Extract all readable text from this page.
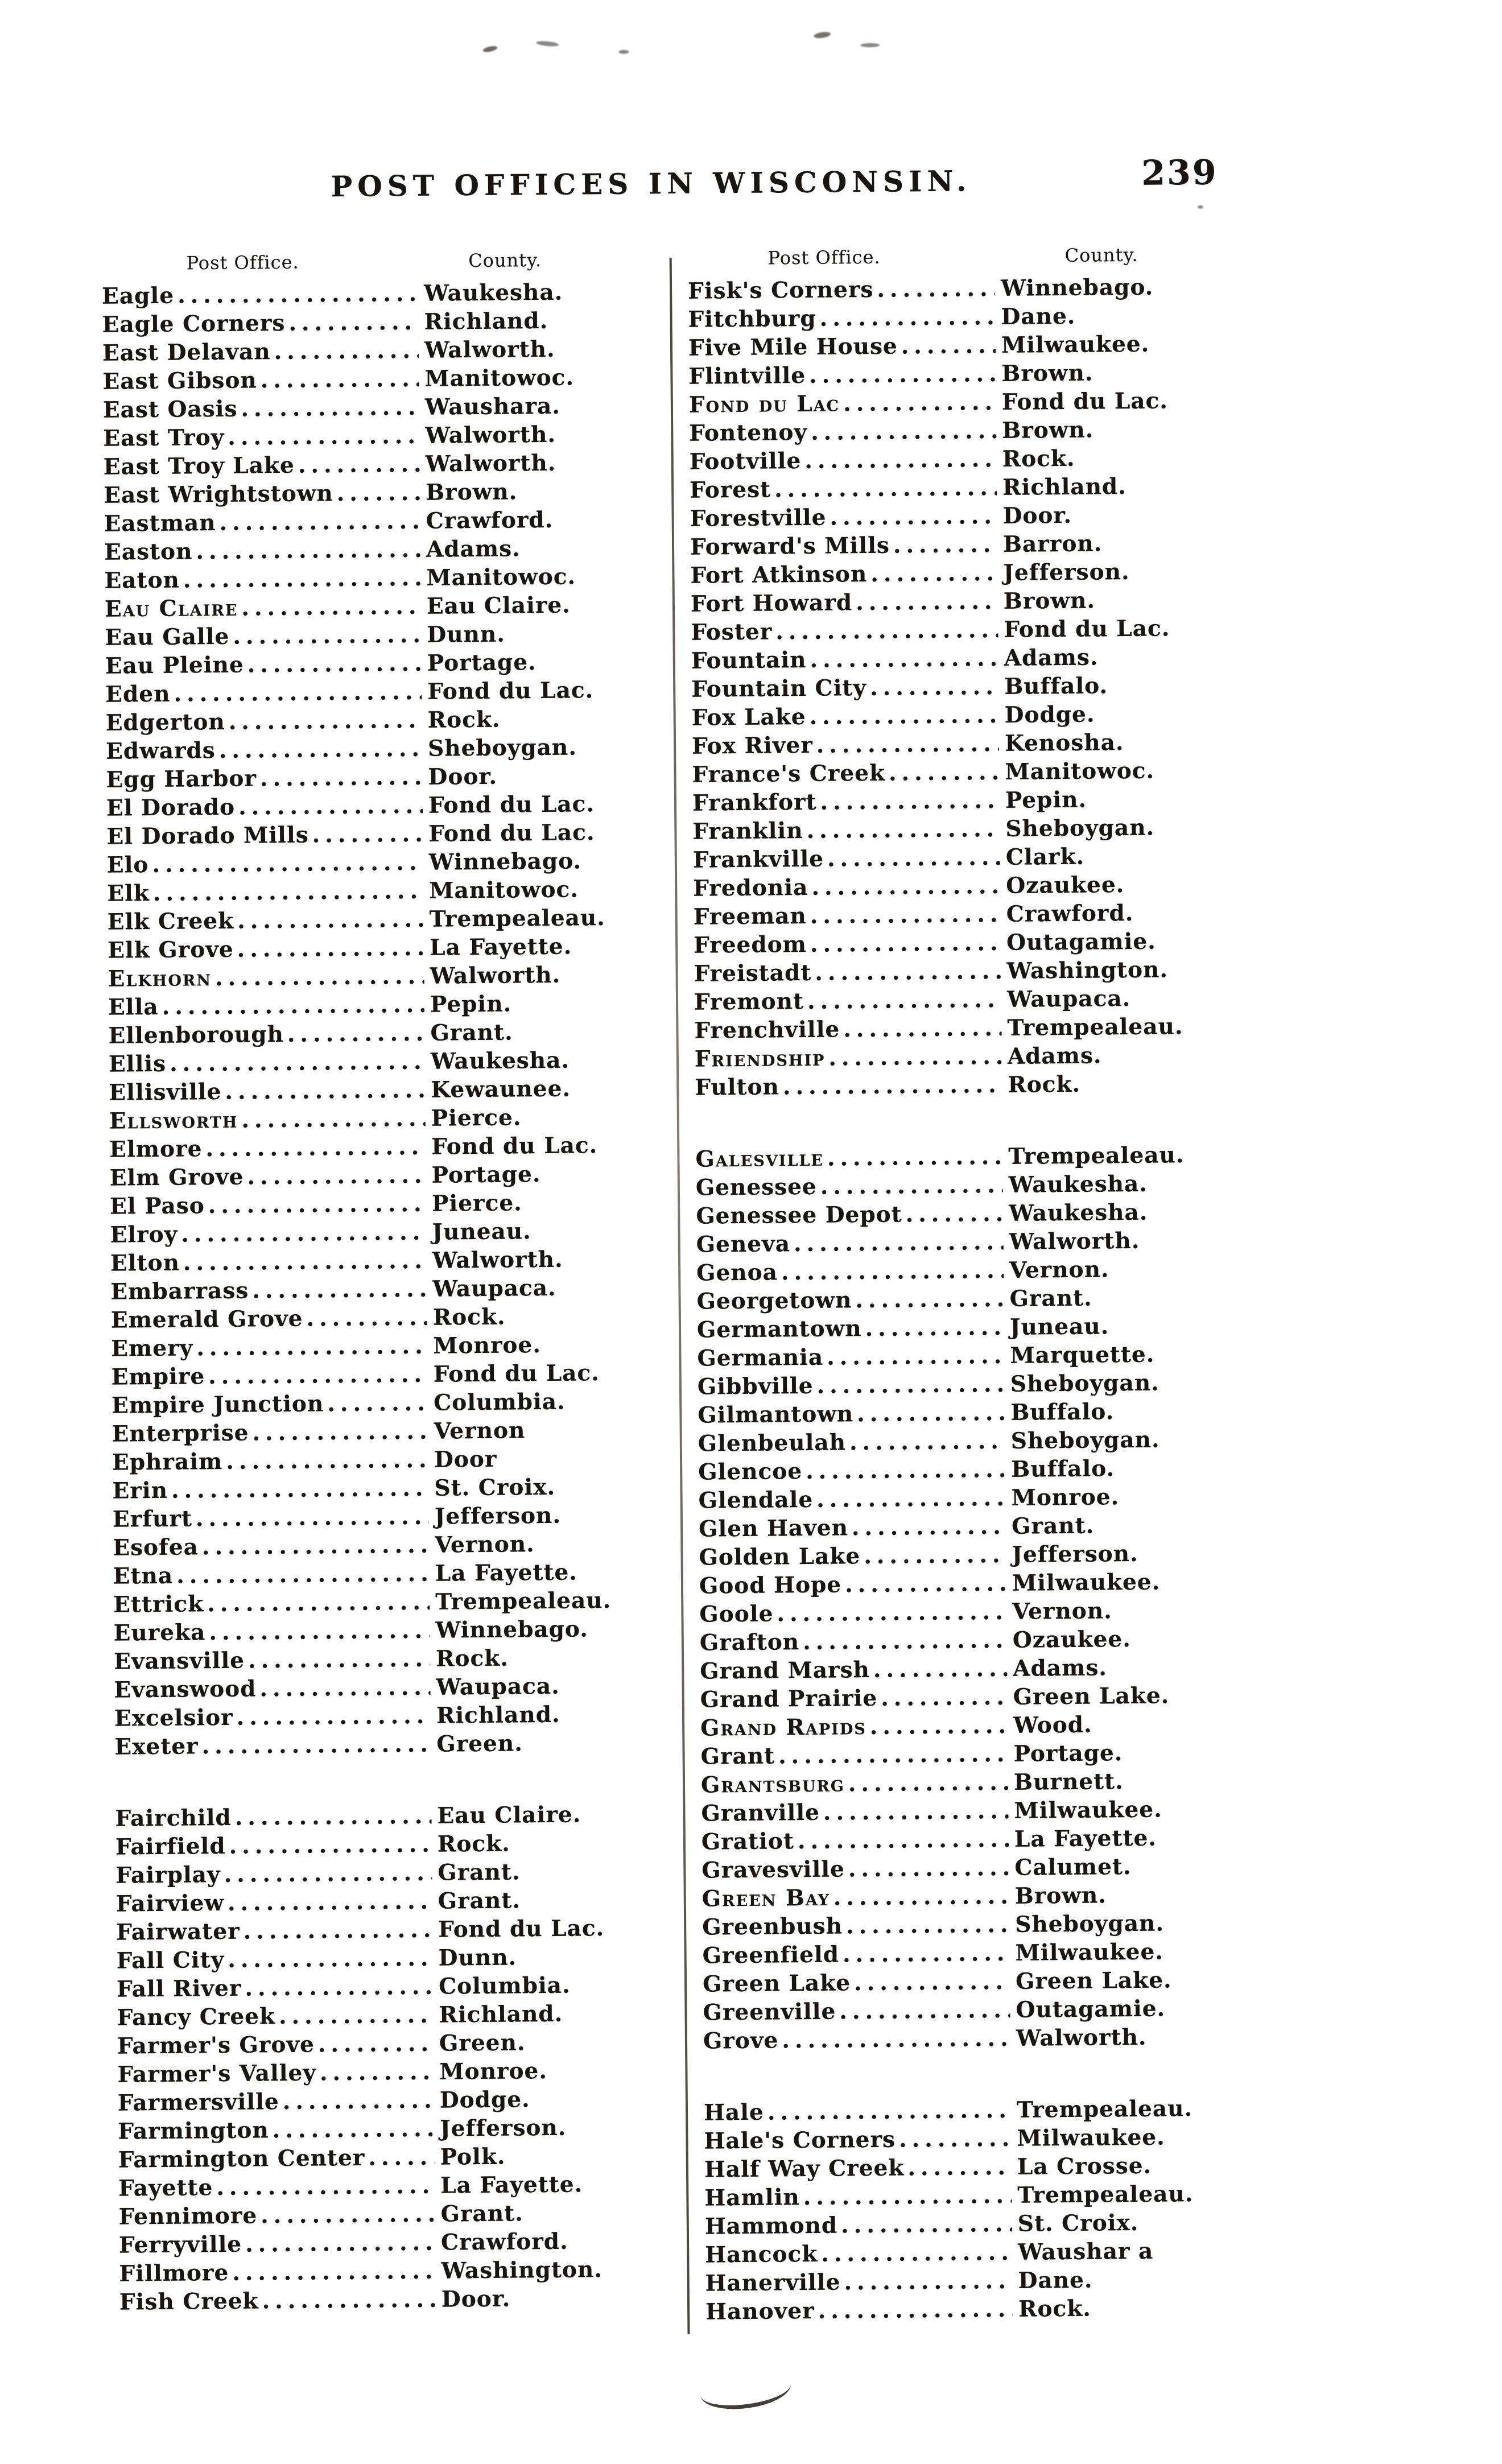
POST OFFICES IN WISCONSIN.	239
Post Office.	County.
Eagle .....	Waukesha.
Eagle Corners .....	Richland.
East Delavan .....	Walworth.
East Gibson .....	Manitowoc.
East Oasis .....	Waushara.
East Troy .....	Walworth.
East Troy Lake .....	Walworth.
East Wrightstown .....	Brown.
Eastman .....	Crawford.
Easton .....	Adams.
Eaton .....	Manitowoc.
Eau Claire .....	Eau Claire.
Eau Galle .....	Dunn.
Eau Pleine .....	Portage.
Eden .....	Fond du Lac.
Edgerton .....	Rock.
Edwards .....	Sheboygan.
Egg Harbor .....	Door.
El Dorado .....	Fond du Lac.
El Dorado Mills .....	Fond du Lac.
Elo .....	Winnebago.
Elk .....	Manitowoc.
Elk Creek .....	Trempealeau.
Elk Grove .....	La Fayette.
Elkhorn .....	Walworth.
Ella .....	Pepin.
Ellenborough .....	Grant.
Ellis .....	Waukesha.
Ellisville .....	Kewaunee.
Ellsworth .....	Pierce.
Elmore .....	Fond du Lac.
Elm Grove .....	Portage.
El Paso .....	Pierce.
Elroy .....	Juneau.
Elton .....	Walworth.
Embarrass .....	Waupaca.
Emerald Grove .....	Rock.
Emery .....	Monroe.
Empire .....	Fond du Lac.
Empire Junction .....	Columbia.
Enterprise .....	Vernon
Ephraim .....	Door
Erin .....	St. Croix.
Erfurt .....	Jefferson.
Esofea .....	Vernon.
Etna .....	La Fayette.
Ettrick .....	Trempealeau.
Eureka .....	Winnebago.
Evansville .....	Rock.
Evanswood .....	Waupaca.
Excelsior .....	Richland.
Exeter .....	Green.
Fairchild .....	Eau Claire.
Fairfield .....	Rock.
Fairplay .....	Grant.
Fairview .....	Grant.
Fairwater .....	Fond du Lac.
Fall City .....	Dunn.
Fall River .....	Columbia.
Fancy Creek .....	Richland.
Farmer's Grove .....	Green.
Farmer's Valley .....	Monroe.
Farmersville .....	Dodge.
Farmington .....	Jefferson.
Farmington Center .....	Polk.
Fayette .....	La Fayette.
Fennimore .....	Grant.
Ferryville .....	Crawford.
Fillmore .....	Washington.
Fish Creek .....	Door.
Post Office.	County.
Fisk's Corners .....	Winnebago.
Fitchburg .....	Dane.
Five Mile House .....	Milwaukee.
Flintville .....	Brown.
Fond du Lac .....	Fond du Lac.
Fontenoy .....	Brown.
Footville .....	Rock.
Forest .....	Richland.
Forestville .....	Door.
Forward's Mills .....	Barron.
Fort Atkinson .....	Jefferson.
Fort Howard .....	Brown.
Foster .....	Fond du Lac.
Fountain .....	Adams.
Fountain City .....	Buffalo.
Fox Lake .....	Dodge.
Fox River .....	Kenosha.
France's Creek .....	Manitowoc.
Frankfort .....	Pepin.
Franklin .....	Sheboygan.
Frankville .....	Clark.
Fredonia .....	Ozaukee.
Freeman .....	Crawford.
Freedom .....	Outagamie.
Freistadt .....	Washington.
Fremont .....	Waupaca.
Frenchville .....	Trempealeau.
Friendship .....	Adams.
Fulton .....	Rock.
Galesville .....	Trempealeau.
Genessee .....	Waukesha.
Genessee Depot .....	Waukesha.
Geneva .....	Walworth.
Genoa .....	Vernon.
Georgetown .....	Grant.
Germantown .....	Juneau.
Germania .....	Marquette.
Gibbville .....	Sheboygan.
Gilmantown .....	Buffalo.
Glenbeulah .....	Sheboygan.
Glencoe .....	Buffalo.
Glendale .....	Monroe.
Glen Haven .....	Grant.
Golden Lake .....	Jefferson.
Good Hope .....	Milwaukee.
Goole .....	Vernon.
Grafton .....	Ozaukee.
Grand Marsh .....	Adams.
Grand Prairie .....	Green Lake.
Grand Rapids .....	Wood.
Grant .....	Portage.
Grantsburg .....	Burnett.
Granville .....	Milwaukee.
Gratiot .....	La Fayette.
Gravesville .....	Calumet.
Green Bay .....	Brown.
Greenbush .....	Sheboygan.
Greenfield .....	Milwaukee.
Green Lake .....	Green Lake.
Greenville .....	Outagamie.
Grove .....	Walworth.
Hale .....	Trempealeau.
Hale's Corners .....	Milwaukee.
Half Way Creek .....	La Crosse.
Hamlin .....	Trempealeau.
Hammond .....	St. Croix.
Hancock .....	Waushar a
Hanerville .....	Dane.
Hanover .....	Rock.
